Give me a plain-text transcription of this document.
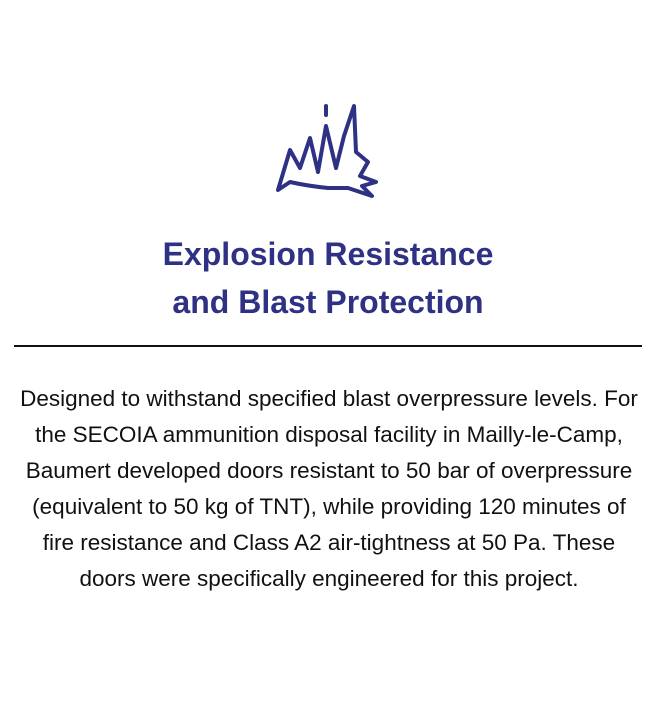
Explosion Resistance
and Blast Protection

Designed to withstand specified blast overpressure levels. For the SECOIA ammunition disposal facility in Mailly-le-Camp, Baumert developed doors resistant to 50 bar of overpressure (equivalent to 50 kg of TNT), while providing 120 minutes of fire resistance and Class A2 air-tightness at 50 Pa. These doors were specifically engineered for this project.
